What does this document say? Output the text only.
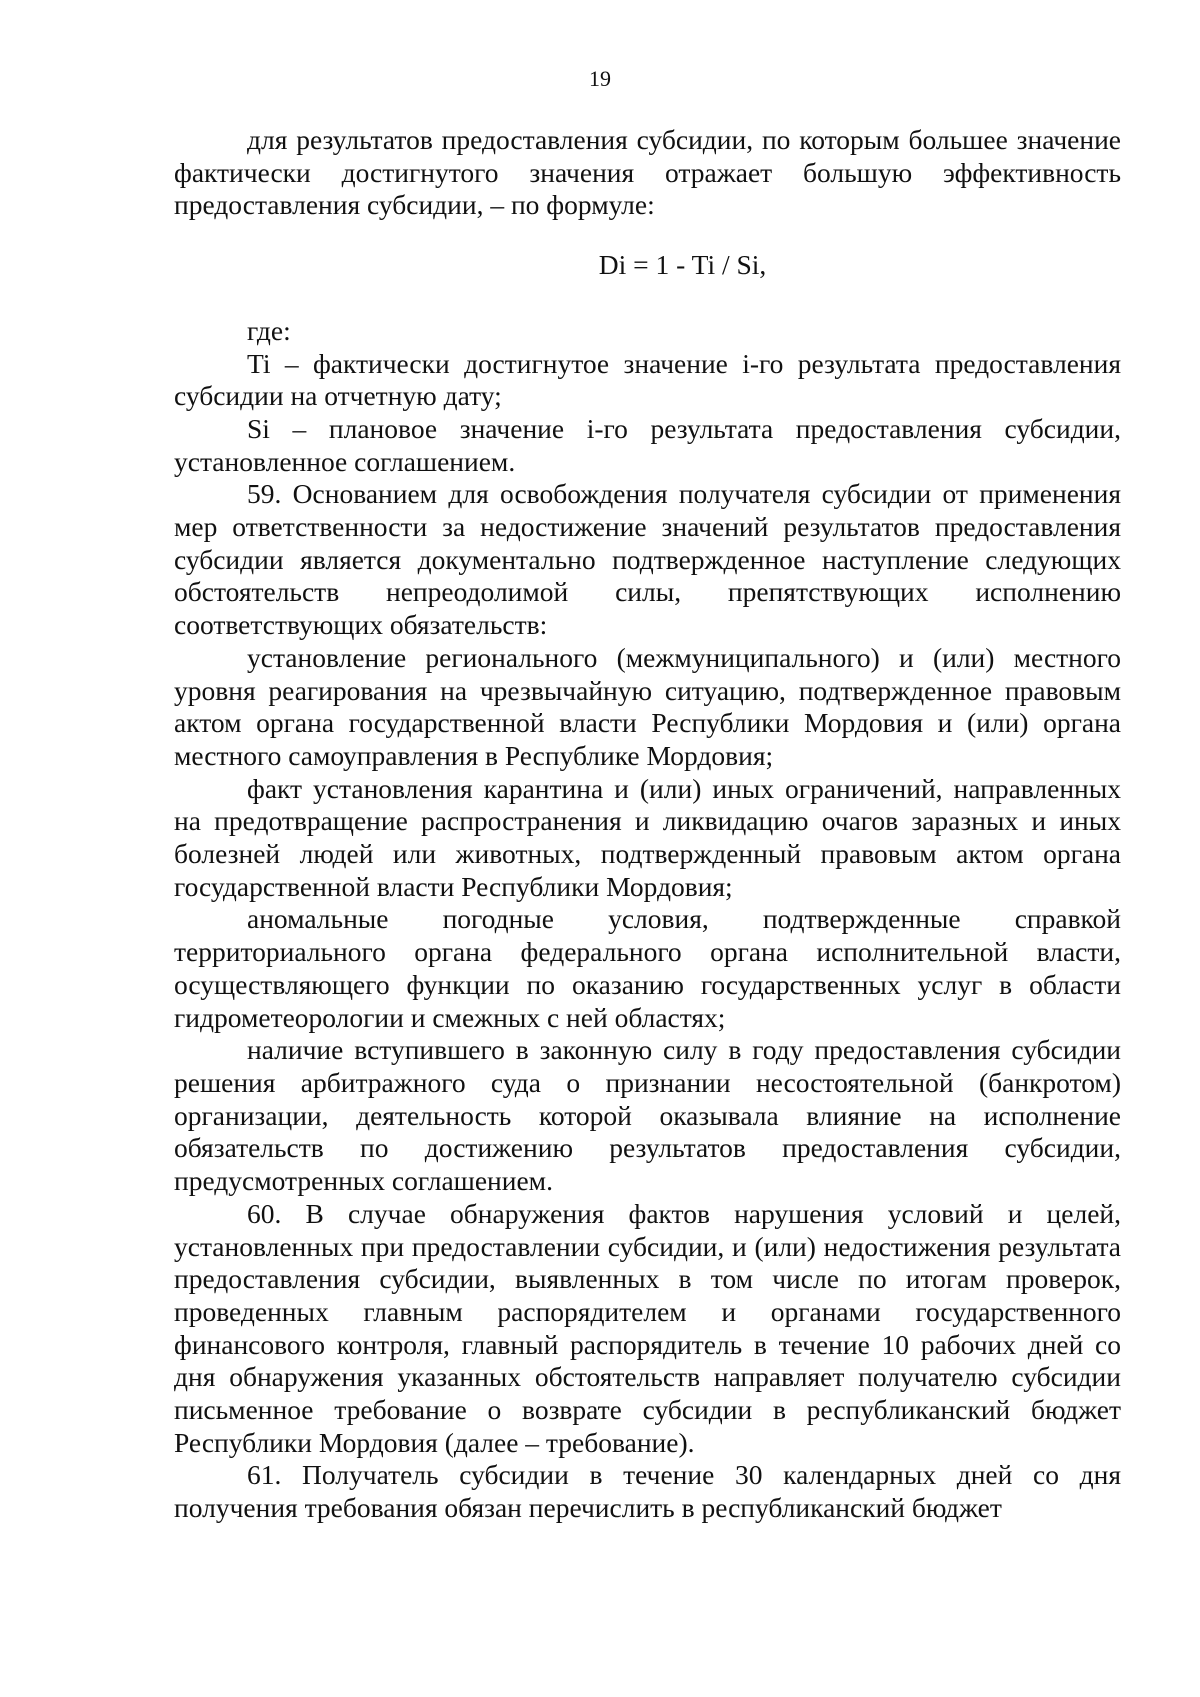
19

для результатов предоставления субсидии, по которым большее значение фактически достигнутого значения отражает большую эффективность предоставления субсидии, – по формуле:

Di = 1 - Ti / Si,

где:

Ti – фактически достигнутое значение i-го результата предоставления субсидии на отчетную дату;

Si – плановое значение i-го результата предоставления субсидии, установленное соглашением.

59. Основанием для освобождения получателя субсидии от применения мер ответственности за недостижение значений результатов предоставления субсидии является документально подтвержденное наступление следующих обстоятельств непреодолимой силы, препятствующих исполнению соответствующих обязательств:

установление регионального (межмуниципального) и (или) местного уровня реагирования на чрезвычайную ситуацию, подтвержденное правовым актом органа государственной власти Республики Мордовия и (или) органа местного самоуправления в Республике Мордовия;

факт установления карантина и (или) иных ограничений, направленных на предотвращение распространения и ликвидацию очагов заразных и иных болезней людей или животных, подтвержденный правовым актом органа государственной власти Республики Мордовия;

аномальные погодные условия, подтвержденные справкой территориального органа федерального органа исполнительной власти, осуществляющего функции по оказанию государственных услуг в области гидрометеорологии и смежных с ней областях;

наличие вступившего в законную силу в году предоставления субсидии решения арбитражного суда о признании несостоятельной (банкротом) организации, деятельность которой оказывала влияние на исполнение обязательств по достижению результатов предоставления субсидии, предусмотренных соглашением.

60. В случае обнаружения фактов нарушения условий и целей, установленных при предоставлении субсидии, и (или) недостижения результата предоставления субсидии, выявленных в том числе по итогам проверок, проведенных главным распорядителем и органами государственного финансового контроля, главный распорядитель в течение 10 рабочих дней со дня обнаружения указанных обстоятельств направляет получателю субсидии письменное требование о возврате субсидии в республиканский бюджет Республики Мордовия (далее – требование).

61. Получатель субсидии в течение 30 календарных дней со дня получения требования обязан перечислить в республиканский бюджет
